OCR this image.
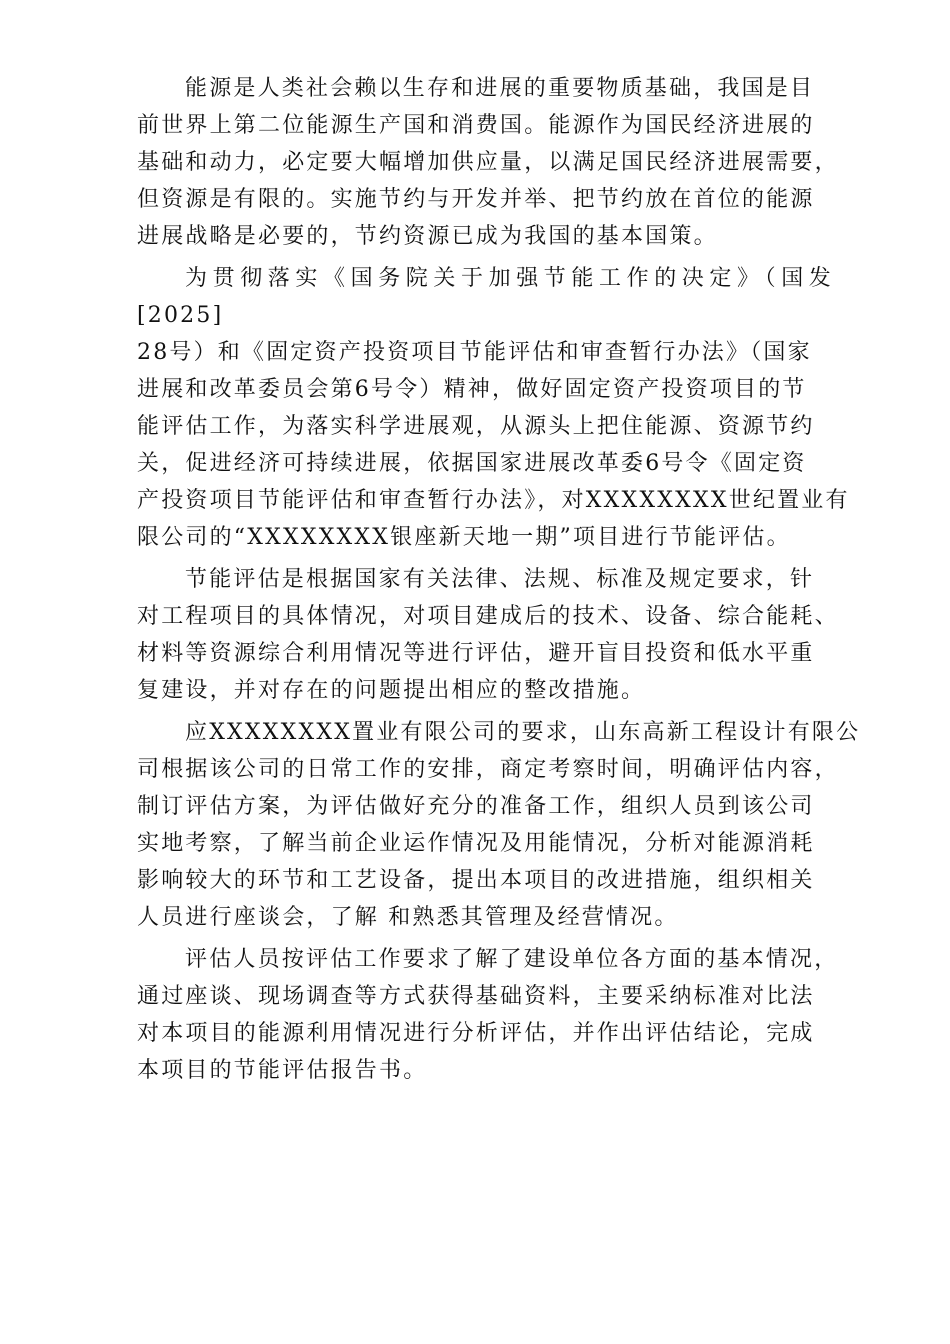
能源是人类社会赖以生存和进展的重要物质基础，我国是目
前世界上第二位能源生产国和消费国。能源作为国民经济进展的
基础和动力，必定要大幅增加供应量，以满足国民经济进展需要，
但资源是有限的。实施节约与开发并举、把节约放在首位的能源
进展战略是必要的，节约资源已成为我国的基本国策。

为贯彻落实《国务院关于加强节能工作的决定》（国发
[2025]
28号）和《固定资产投资项目节能评估和审查暂行办法》（国家
进展和改革委员会第6号令）精神，做好固定资产投资项目的节
能评估工作，为落实科学进展观，从源头上把住能源、资源节约
关，促进经济可持续进展，依据国家进展改革委6号令《固定资
产投资项目节能评估和审查暂行办法》，对XXXXXXXX世纪置业有
限公司的“XXXXXXXX银座新天地一期”项目进行节能评估。

节能评估是根据国家有关法律、法规、标准及规定要求，针
对工程项目的具体情况，对项目建成后的技术、设备、综合能耗、
材料等资源综合利用情况等进行评估，避开盲目投资和低水平重
复建设，并对存在的问题提出相应的整改措施。

应XXXXXXXX置业有限公司的要求，山东高新工程设计有限公
司根据该公司的日常工作的安排，商定考察时间，明确评估内容，
制订评估方案，为评估做好充分的准备工作，组织人员到该公司
实地考察，了解当前企业运作情况及用能情况，分析对能源消耗
影响较大的环节和工艺设备，提出本项目的改进措施，组织相关
人员进行座谈会，了解 和熟悉其管理及经营情况。

评估人员按评估工作要求了解了建设单位各方面的基本情况，
通过座谈、现场调查等方式获得基础资料，主要采纳标准对比法
对本项目的能源利用情况进行分析评估，并作出评估结论，完成
本项目的节能评估报告书。
